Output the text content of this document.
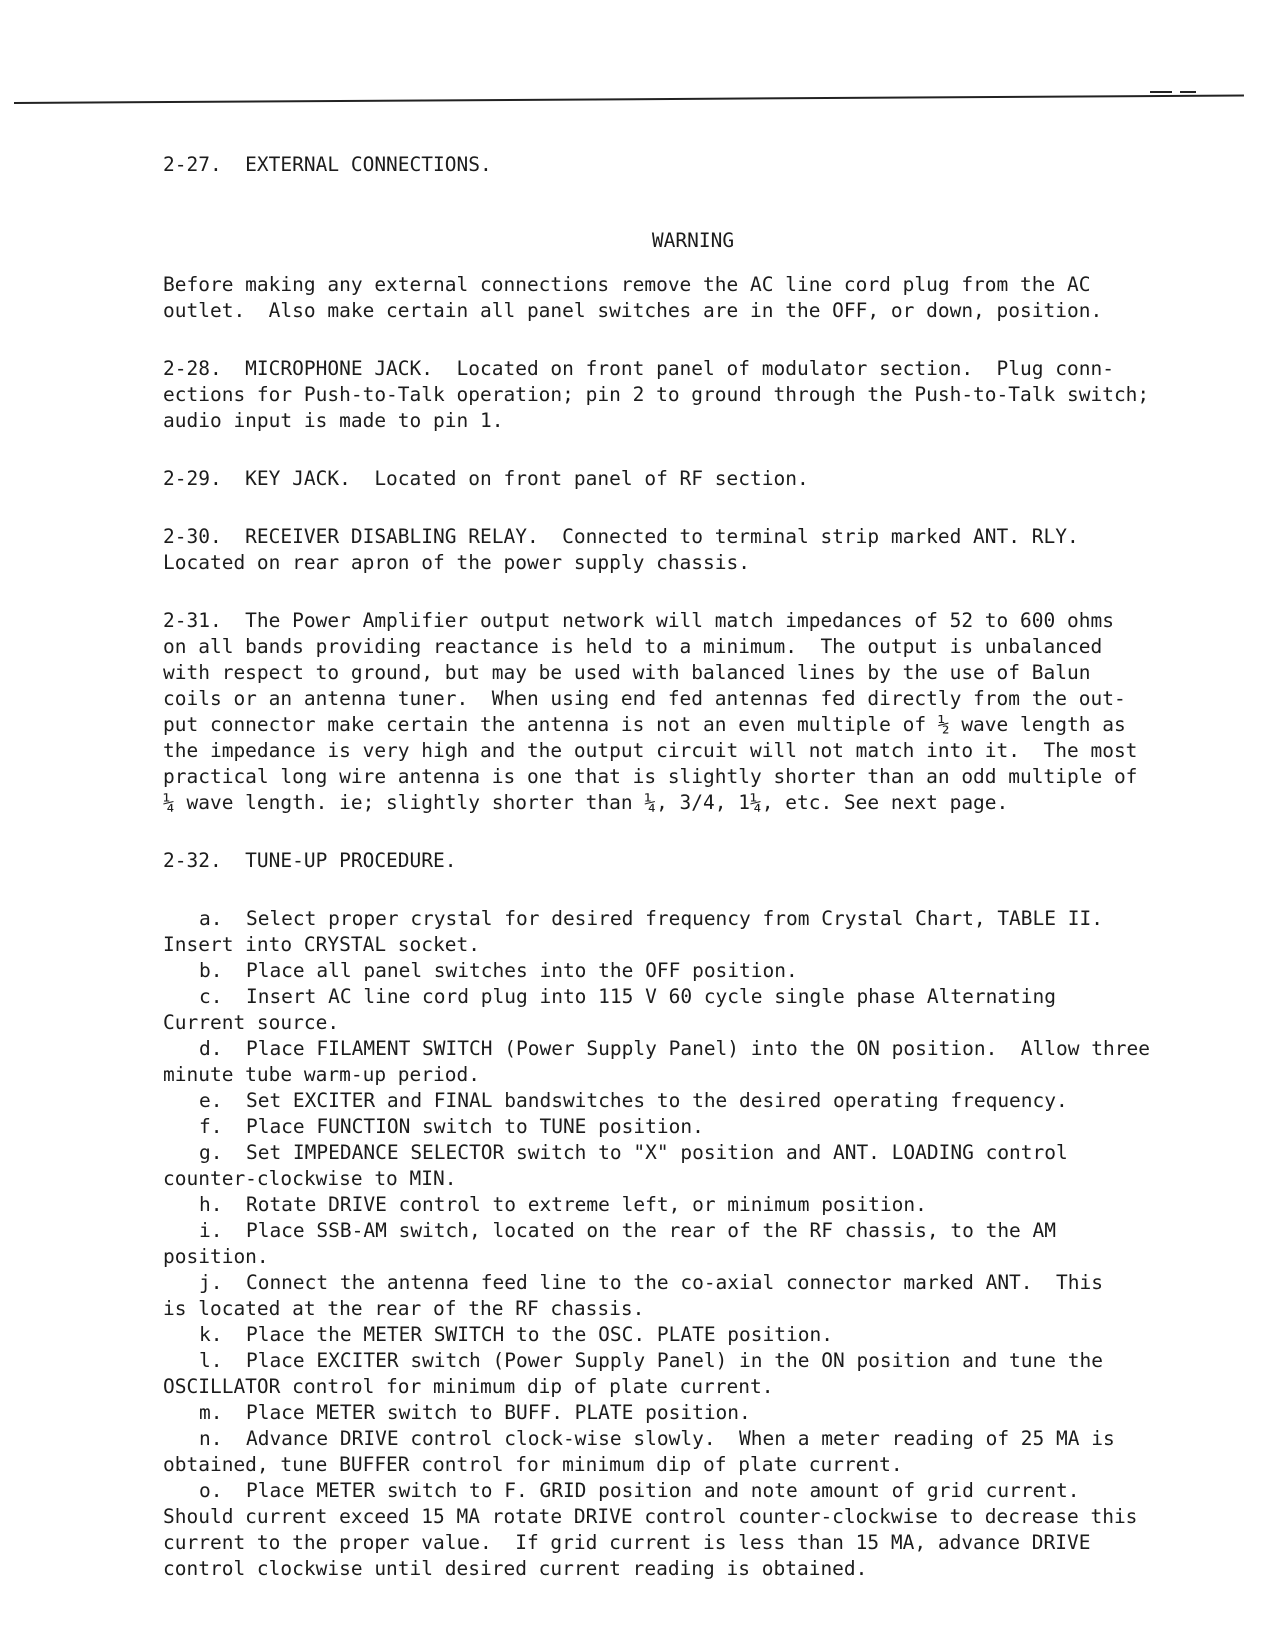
2-27.  EXTERNAL CONNECTIONS.
WARNING
Before making any external connections remove the AC line cord plug from the AC
outlet.  Also make certain all panel switches are in the OFF, or down, position.
2-28.  MICROPHONE JACK.  Located on front panel of modulator section.  Plug conn-
ections for Push-to-Talk operation; pin 2 to ground through the Push-to-Talk switch;
audio input is made to pin 1.
2-29.  KEY JACK.  Located on front panel of RF section.
2-30.  RECEIVER DISABLING RELAY.  Connected to terminal strip marked ANT. RLY.
Located on rear apron of the power supply chassis.
2-31.  The Power Amplifier output network will match impedances of 52 to 600 ohms
on all bands providing reactance is held to a minimum.  The output is unbalanced
with respect to ground, but may be used with balanced lines by the use of Balun
coils or an antenna tuner.  When using end fed antennas fed directly from the out-
put connector make certain the antenna is not an even multiple of ½ wave length as
the impedance is very high and the output circuit will not match into it.  The most
practical long wire antenna is one that is slightly shorter than an odd multiple of
¼ wave length. ie; slightly shorter than ¼, 3/4, 1¼, etc. See next page.
2-32.  TUNE-UP PROCEDURE.
a.  Select proper crystal for desired frequency from Crystal Chart, TABLE II.
Insert into CRYSTAL socket.
b.  Place all panel switches into the OFF position.
c.  Insert AC line cord plug into 115 V 60 cycle single phase Alternating
Current source.
d.  Place FILAMENT SWITCH (Power Supply Panel) into the ON position.  Allow three
minute tube warm-up period.
e.  Set EXCITER and FINAL bandswitches to the desired operating frequency.
f.  Place FUNCTION switch to TUNE position.
g.  Set IMPEDANCE SELECTOR switch to "X" position and ANT. LOADING control
counter-clockwise to MIN.
h.  Rotate DRIVE control to extreme left, or minimum position.
i.  Place SSB-AM switch, located on the rear of the RF chassis, to the AM
position.
j.  Connect the antenna feed line to the co-axial connector marked ANT.  This
is located at the rear of the RF chassis.
k.  Place the METER SWITCH to the OSC. PLATE position.
l.  Place EXCITER switch (Power Supply Panel) in the ON position and tune the
OSCILLATOR control for minimum dip of plate current.
m.  Place METER switch to BUFF. PLATE position.
n.  Advance DRIVE control clock-wise slowly.  When a meter reading of 25 MA is
obtained, tune BUFFER control for minimum dip of plate current.
o.  Place METER switch to F. GRID position and note amount of grid current.
Should current exceed 15 MA rotate DRIVE control counter-clockwise to decrease this
current to the proper value.  If grid current is less than 15 MA, advance DRIVE
control clockwise until desired current reading is obtained.
